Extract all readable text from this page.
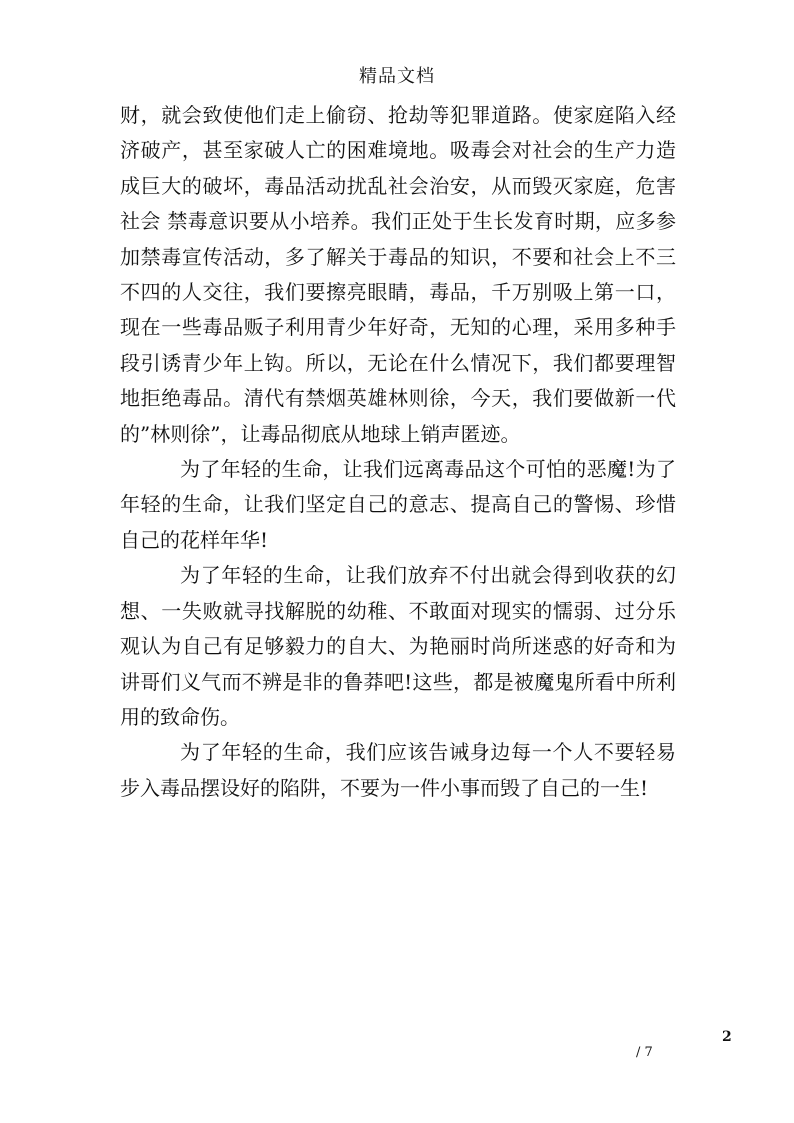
精品文档

财，就会致使他们走上偷窃、抢劫等犯罪道路。使家庭陷入经济破产，甚至家破人亡的困难境地。吸毒会对社会的生产力造成巨大的破坏，毒品活动扰乱社会治安，从而毁灭家庭，危害社会 禁毒意识要从小培养。我们正处于生长发育时期，应多参加禁毒宣传活动，多了解关于毒品的知识，不要和社会上不三不四的人交往，我们要擦亮眼睛，毒品，千万别吸上第一口，现在一些毒品贩子利用青少年好奇，无知的心理，采用多种手段引诱青少年上钩。所以，无论在什么情况下，我们都要理智地拒绝毒品。清代有禁烟英雄林则徐，今天，我们要做新一代的”林则徐”，让毒品彻底从地球上销声匿迹。

为了年轻的生命，让我们远离毒品这个可怕的恶魔!为了年轻的生命，让我们坚定自己的意志、提高自己的警惕、珍惜自己的花样年华!

为了年轻的生命，让我们放弃不付出就会得到收获的幻想、一失败就寻找解脱的幼稚、不敢面对现实的懦弱、过分乐观认为自己有足够毅力的自大、为艳丽时尚所迷惑的好奇和为讲哥们义气而不辨是非的鲁莽吧!这些，都是被魔鬼所看中所利用的致命伤。

为了年轻的生命，我们应该告诫身边每一个人不要轻易步入毒品摆设好的陷阱，不要为一件小事而毁了自己的一生!

2
/ 7
